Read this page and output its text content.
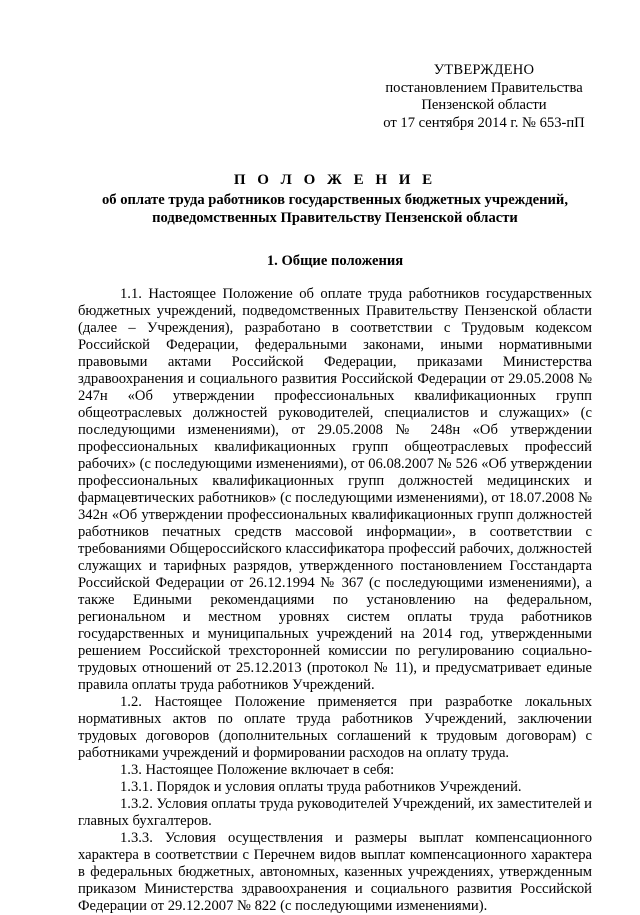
УТВЕРЖДЕНО
постановлением Правительства
Пензенской области
от 17 сентября 2014 г. № 653-пП
П О Л О Ж Е Н И Е
об оплате труда работников государственных бюджетных учреждений,
подведомственных Правительству Пензенской области
1. Общие положения

1.1. Настоящее Положение об оплате труда работников государственных бюджетных учреждений, подведомственных Правительству Пензенской области (далее – Учреждения), разработано в соответствии с Трудовым кодексом Российской Федерации, федеральными законами, иными нормативными правовыми актами Российской Федерации, приказами Министерства здравоохранения и социального развития Российской Федерации от 29.05.2008 № 247н «Об утверждении профессиональных квалификационных групп общеотраслевых должностей руководителей, специалистов и служащих» (с последующими изменениями), от 29.05.2008 № 248н «Об утверждении профессиональных квалификационных групп общеотраслевых профессий рабочих» (с последующими изменениями), от 06.08.2007 № 526 «Об утверждении профессиональных квалификационных групп должностей медицинских и фармацевтических работников» (с последующими изменениями), от 18.07.2008 № 342н «Об утверждении профессиональных квалификационных групп должностей работников печатных средств массовой информации», в соответствии с требованиями Общероссийского классификатора профессий рабочих, должностей служащих и тарифных разрядов, утвержденного постановлением Госстандарта Российской Федерации от 26.12.1994 № 367 (с последующими изменениями), а также Едиными рекомендациями по установлению на федеральном, региональном и местном уровнях систем оплаты труда работников государственных и муниципальных учреждений на 2014 год, утвержденными решением Российской трехсторонней комиссии по регулированию социально-трудовых отношений от 25.12.2013 (протокол № 11), и предусматривает единые правила оплаты труда работников Учреждений.

1.2. Настоящее Положение применяется при разработке локальных нормативных актов по оплате труда работников Учреждений, заключении трудовых договоров (дополнительных соглашений к трудовым договорам) с работниками учреждений и формировании расходов на оплату труда.

1.3. Настоящее Положение включает в себя:

1.3.1. Порядок и условия оплаты труда работников Учреждений.

1.3.2. Условия оплаты труда руководителей Учреждений, их заместителей и главных бухгалтеров.

1.3.3. Условия осуществления и размеры выплат компенсационного характера в соответствии с Перечнем видов выплат компенсационного характера в федеральных бюджетных, автономных, казенных учреждениях, утвержденным приказом Министерства здравоохранения и социального развития Российской Федерации от 29.12.2007 № 822 (с последующими изменениями).
